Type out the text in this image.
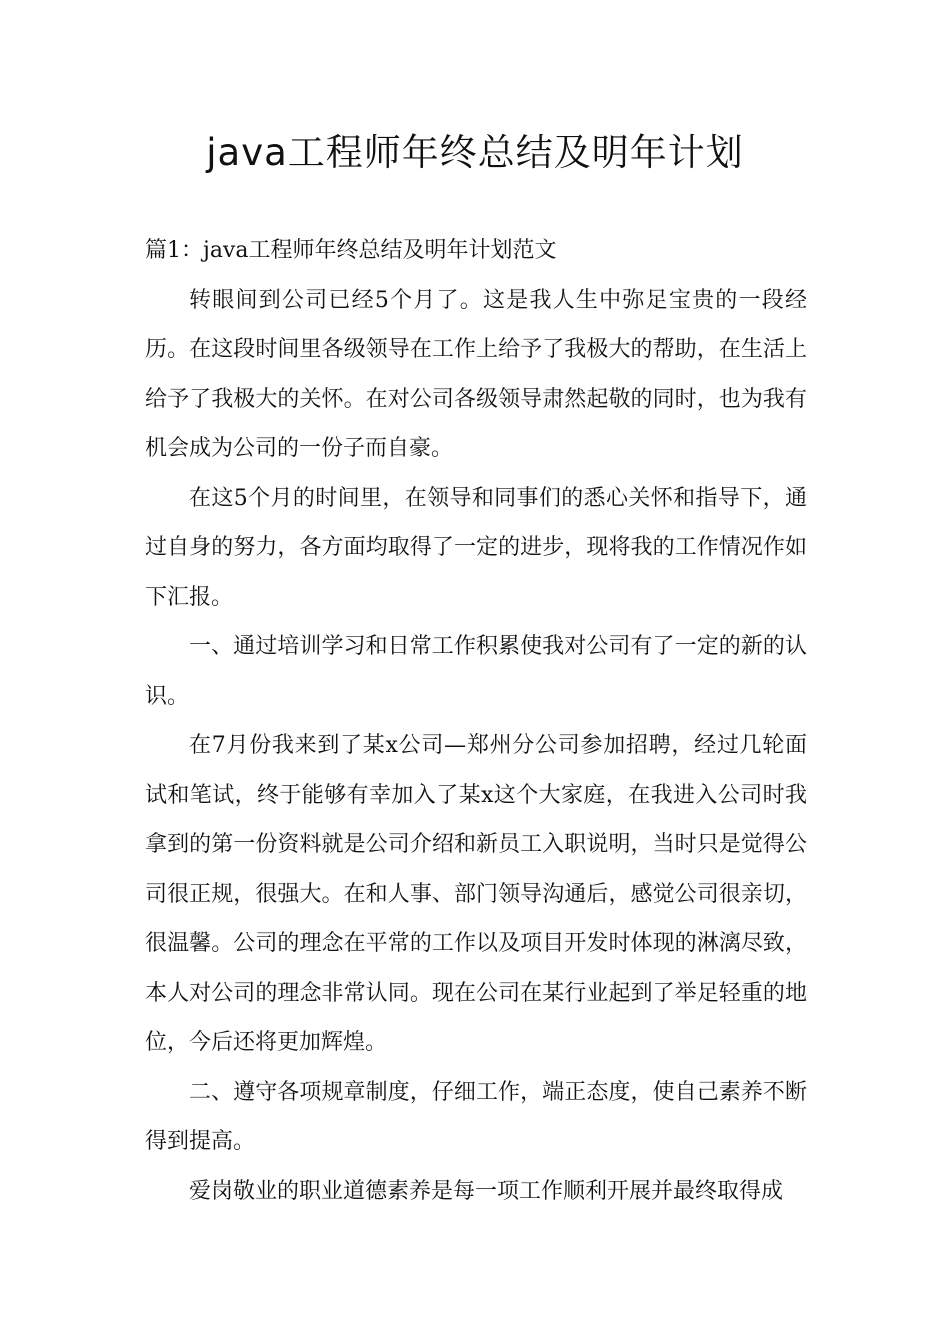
java工程师年终总结及明年计划

篇1：java工程师年终总结及明年计划范文

转眼间到公司已经5个月了。这是我人生中弥足宝贵的一段经历。在这段时间里各级领导在工作上给予了我极大的帮助，在生活上给予了我极大的关怀。在对公司各级领导肃然起敬的同时，也为我有机会成为公司的一份子而自豪。

在这5个月的时间里，在领导和同事们的悉心关怀和指导下，通过自身的努力，各方面均取得了一定的进步，现将我的工作情况作如下汇报。

一、通过培训学习和日常工作积累使我对公司有了一定的新的认识。

在7月份我来到了某x公司—郑州分公司参加招聘，经过几轮面试和笔试，终于能够有幸加入了某x这个大家庭，在我进入公司时我拿到的第一份资料就是公司介绍和新员工入职说明，当时只是觉得公司很正规，很强大。在和人事、部门领导沟通后，感觉公司很亲切，很温馨。公司的理念在平常的工作以及项目开发时体现的淋漓尽致，本人对公司的理念非常认同。现在公司在某行业起到了举足轻重的地位，今后还将更加辉煌。

二、遵守各项规章制度，仔细工作，端正态度，使自己素养不断得到提高。

爱岗敬业的职业道德素养是每一项工作顺利开展并最终取得成
